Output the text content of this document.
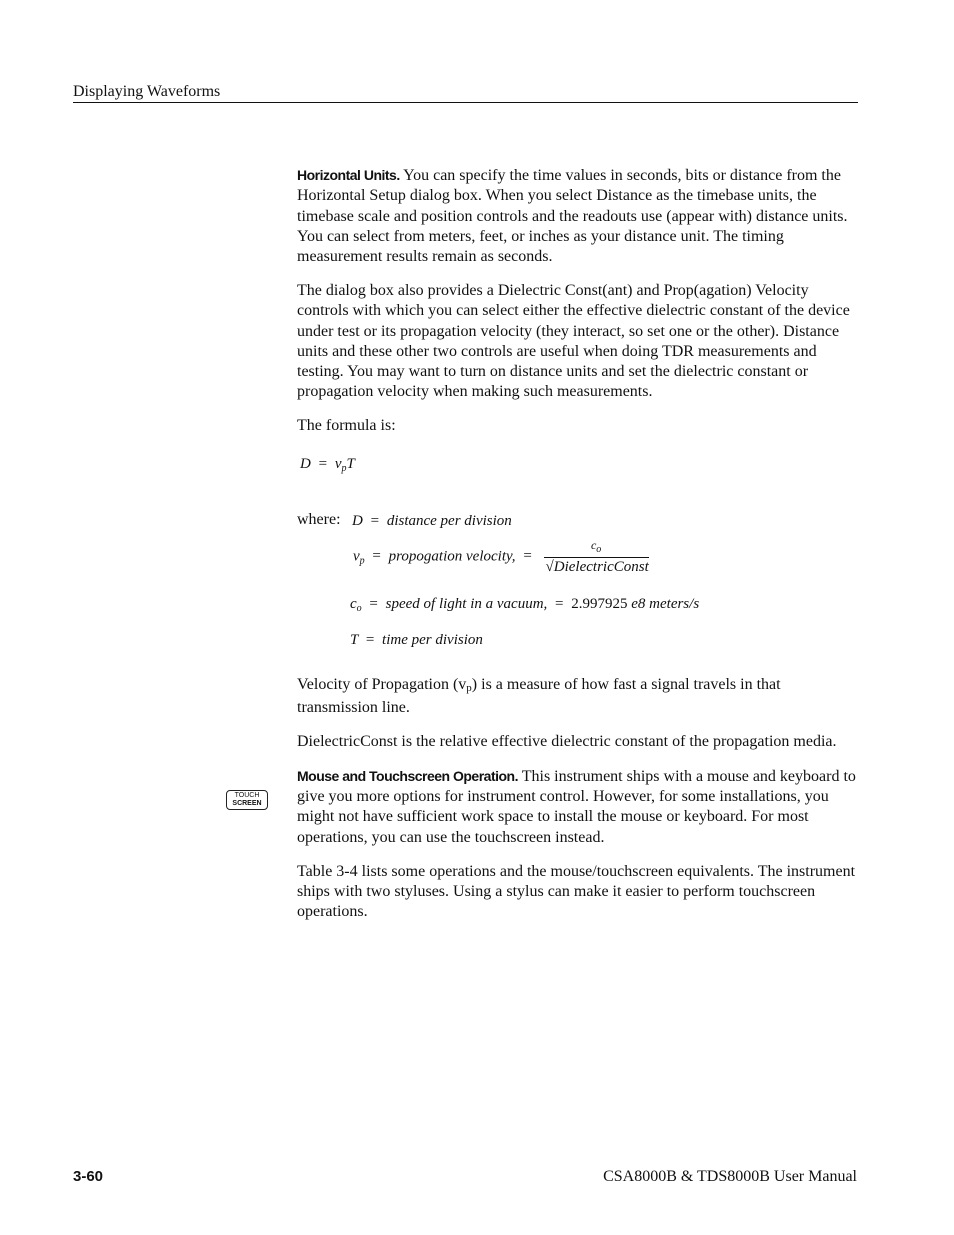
Displaying Waveforms

Horizontal Units. You can specify the time values in seconds, bits or distance from the Horizontal Setup dialog box. When you select Distance as the timebase units, the timebase scale and position controls and the readouts use (appear with) distance units. You can select from meters, feet, or inches as your distance unit. The timing measurement results remain as seconds.

The dialog box also provides a Dielectric Const(ant) and Prop(agation) Velocity controls with which you can select either the effective dielectric constant of the device under test or its propagation velocity (they interact, so set one or the other). Distance units and these other two controls are useful when doing TDR measurements and testing. You may want to turn on distance units and set the dielectric constant or propagation velocity when making such measurements.

The formula is:

$D = v_pT$
where: D = distance per division
$v_p$ = propogation velocity, = $\frac{c_o}{\text{√DielectricConst}}$
$c_o$ = speed of light in a vacuum, = 2.997925 e8 meters/s
T = time per division

Velocity of Propagation (vp) is a measure of how fast a signal travels in that transmission line.

DielectricConst is the relative effective dielectric constant of the propagation media.

Mouse and Touchscreen Operation. This instrument ships with a mouse and keyboard to give you more options for instrument control. However, for some installations, you might not have sufficient work space to install the mouse or keyboard. For most operations, you can use the touchscreen instead.

Table 3-4 lists some operations and the mouse/touchscreen equivalents. The instrument ships with two styluses. Using a stylus can make it easier to perform touchscreen operations.

TOUCH
SCREEN
3-60	CSA8000B & TDS8000B User Manual
